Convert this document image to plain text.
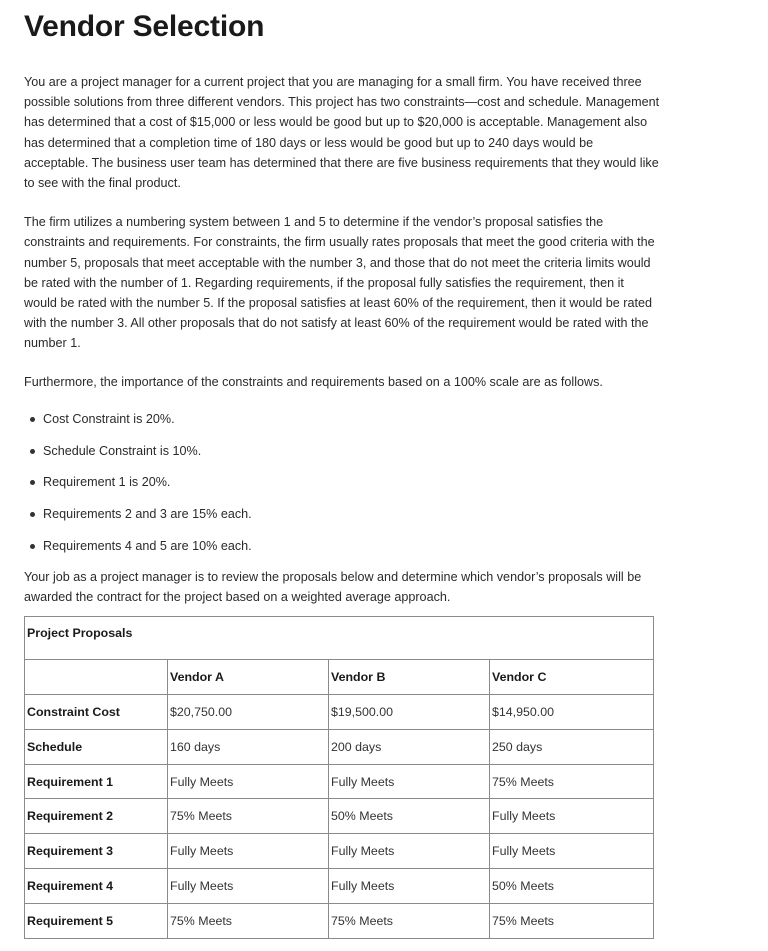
Vendor Selection

You are a project manager for a current project that you are managing for a small firm. You have received three possible solutions from three different vendors. This project has two constraints—cost and schedule. Management has determined that a cost of $15,000 or less would be good but up to $20,000 is acceptable. Management also has determined that a completion time of 180 days or less would be good but up to 240 days would be acceptable. The business user team has determined that there are five business requirements that they would like to see with the final product.

The firm utilizes a numbering system between 1 and 5 to determine if the vendor’s proposal satisfies the constraints and requirements. For constraints, the firm usually rates proposals that meet the good criteria with the number 5, proposals that meet acceptable with the number 3, and those that do not meet the criteria limits would be rated with the number of 1. Regarding requirements, if the proposal fully satisfies the requirement, then it would be rated with the number 5. If the proposal satisfies at least 60% of the requirement, then it would be rated with the number 3. All other proposals that do not satisfy at least 60% of the requirement would be rated with the number 1.

Furthermore, the importance of the constraints and requirements based on a 100% scale are as follows.

Cost Constraint is 20%.
Schedule Constraint is 10%.
Requirement 1 is 20%.
Requirements 2 and 3 are 15% each.
Requirements 4 and 5 are 10% each.

Your job as a project manager is to review the proposals below and determine which vendor’s proposals will be awarded the contract for the project based on a weighted average approach.

Project Proposals			
	Vendor A	Vendor B	Vendor C
Constraint Cost	$20,750.00	$19,500.00	$14,950.00
Schedule	160 days	200 days	250 days
Requirement 1	Fully Meets	Fully Meets	75% Meets
Requirement 2	75% Meets	50% Meets	Fully Meets
Requirement 3	Fully Meets	Fully Meets	Fully Meets
Requirement 4	Fully Meets	Fully Meets	50% Meets
Requirement 5	75% Meets	75% Meets	75% Meets
